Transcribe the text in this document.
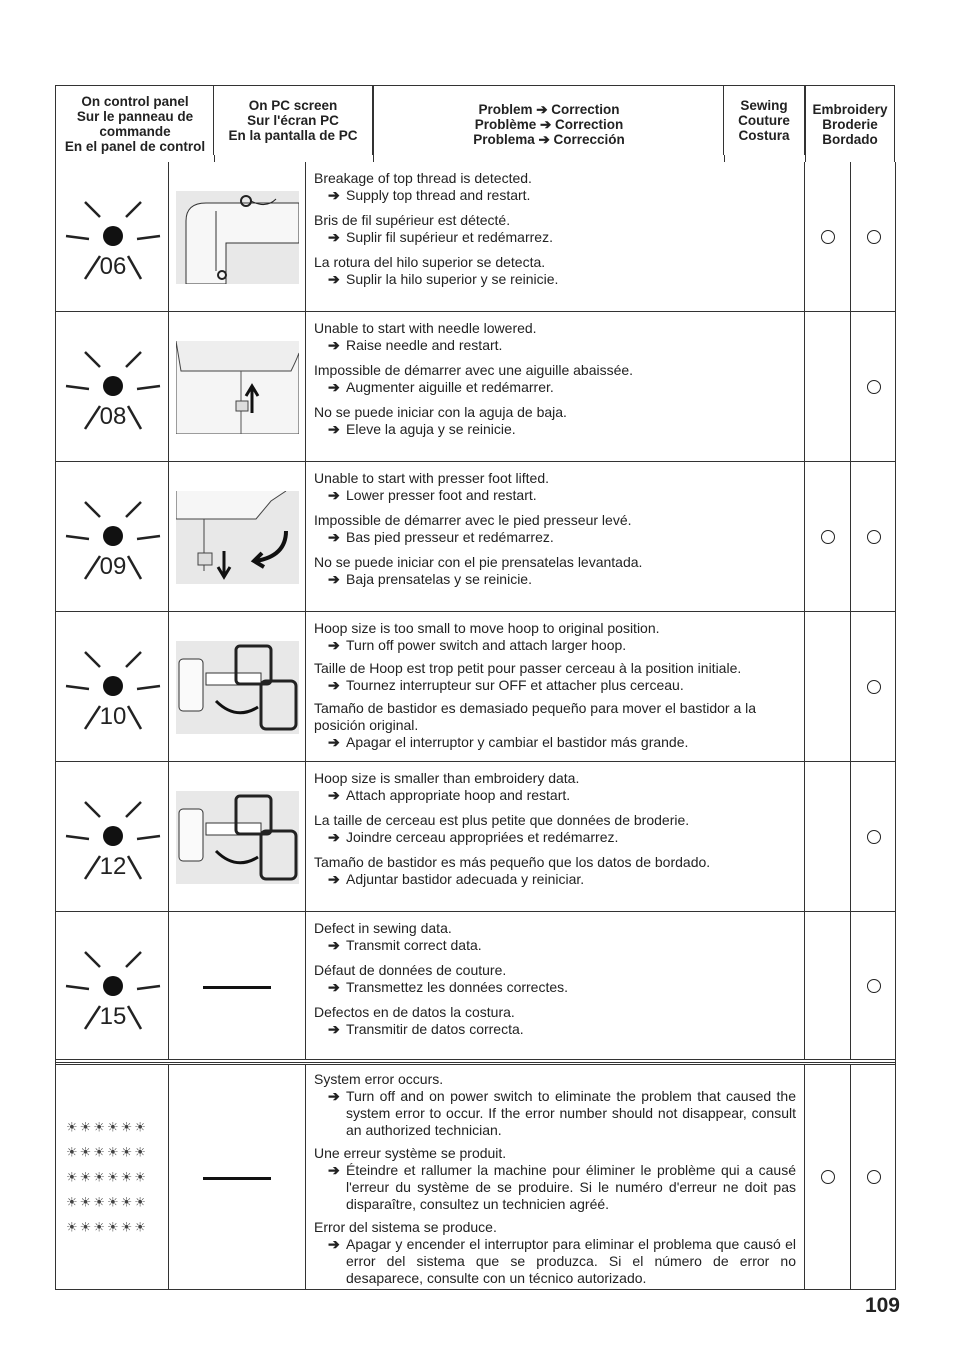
On control panel
Sur le panneau de commande
En el panel de control
On PC screen
Sur l'écran PC
En la pantalla de PC
Problem ➔ Correction
Problème ➔ Correction
Problema ➔ Corrección
Sewing
Couture
Costura
Embroidery
Broderie
Bordado
06
Breakage of top thread is detected.
➔ Supply top thread and restart.
Bris de fil supérieur est détecté.
➔ Suplir fil supérieur et redémarrez.
La rotura del hilo superior se detecta.
➔ Suplir la hilo superior y se reinicie.
08
Unable to start with needle lowered.
➔ Raise needle and restart.
Impossible de démarrer avec une aiguille abaissée.
➔ Augmenter aiguille et redémarrer.
No se puede iniciar con la aguja de baja.
➔ Eleve la aguja y se reinicie.
09
Unable to start with presser foot lifted.
➔ Lower presser foot and restart.
Impossible de démarrer avec le pied presseur levé.
➔ Bas pied presseur et redémarrez.
No se puede iniciar con el pie prensatelas levantada.
➔ Baja prensatelas y se reinicie.
10
Hoop size is too small to move hoop to original position.
➔ Turn off power switch and attach larger hoop.
Taille de Hoop est trop petit pour passer cerceau à la position initiale.
➔ Tournez interrupteur sur OFF et attacher plus cerceau.
Tamaño de bastidor es demasiado pequeño para mover el bastidor a la posición original.
➔ Apagar el interruptor y cambiar el bastidor más grande.
12
Hoop size is smaller than embroidery data.
➔ Attach appropriate hoop and restart.
La taille de cerceau est plus petite que données de broderie.
➔ Joindre cerceau appropriées et redémarrez.
Tamaño de bastidor es más pequeño que los datos de bordado.
➔ Adjuntar bastidor adecuada y reiniciar.
15
Defect in sewing data.
➔ Transmit correct data.
Défaut de données de couture.
➔ Transmettez les données correctes.
Defectos en de datos la costura.
➔ Transmitir de datos correcta.
☀☀☀☀☀☀
☀☀☀☀☀☀
☀☀☀☀☀☀
☀☀☀☀☀☀
☀☀☀☀☀☀
System error occurs.
➔ Turn off and on power switch to eliminate the problem that caused the system error to occur. If the error number should not disappear, consult an authorized technician.
Une erreur système se produit.
➔ Éteindre et rallumer la machine pour éliminer le problème qui a causé l'erreur du système de se produire. Si le numéro d'erreur ne doit pas disparaître, consultez un technicien agréé.
Error del sistema se produce.
➔ Apagar y encender el interruptor para eliminar el problema que causó el error del sistema que se produzca. Si el número de error no desaparece, consulte con un técnico autorizado.
109
